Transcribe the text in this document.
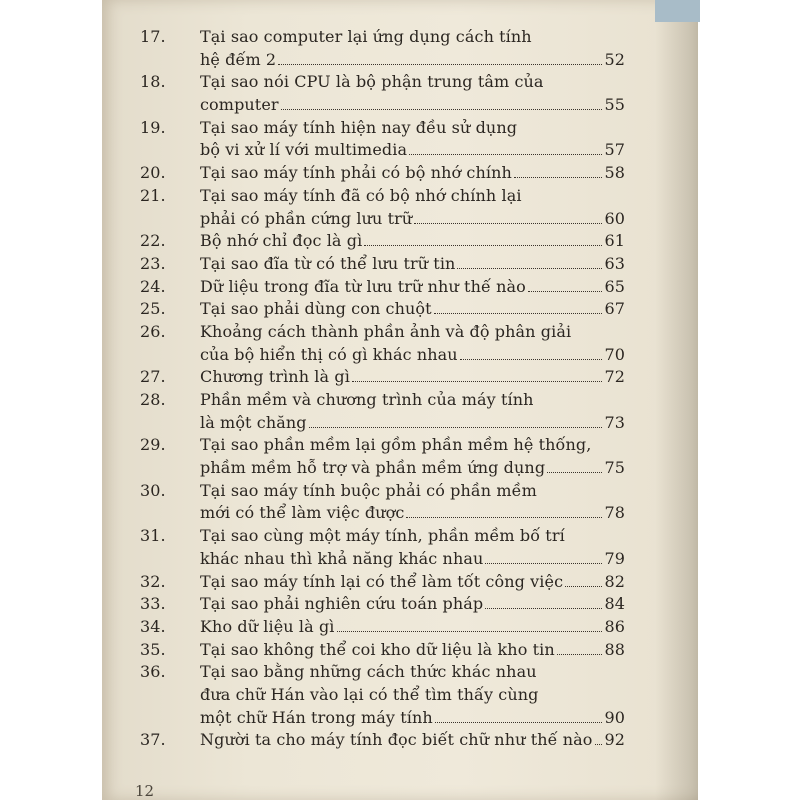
17.	Tại sao computer lại ứng dụng cách tính
hệ đếm 2	52
18.	Tại sao nói CPU là bộ phận trung tâm của
computer	55
19.	Tại sao máy tính hiện nay đều sử dụng
bộ vi xử lí với multimedia	57
20.	Tại sao máy tính phải có bộ nhớ chính	58
21.	Tại sao máy tính đã có bộ nhớ chính lại
phải có phần cứng lưu trữ	60
22.	Bộ nhớ chỉ đọc là gì	61
23.	Tại sao đĩa từ có thể lưu trữ tin	63
24.	Dữ liệu trong đĩa từ lưu trữ như thế nào	65
25.	Tại sao phải dùng con chuột	67
26.	Khoảng cách thành phần ảnh và độ phân giải
của bộ hiển thị có gì khác nhau	70
27.	Chương trình là gì	72
28.	Phần mềm và chương trình của máy tính
là một chăng	73
29.	Tại sao phần mềm lại gồm phần mềm hệ thống,
phầm mềm hỗ trợ và phần mềm ứng dụng	75
30.	Tại sao máy tính buộc phải có phần mềm
mới có thể làm việc được	78
31.	Tại sao cùng một máy tính, phần mềm bố trí
khác nhau thì khả năng khác nhau	79
32.	Tại sao máy tính lại có thể làm tốt công việc	82
33.	Tại sao phải nghiên cứu toán pháp	84
34.	Kho dữ liệu là gì	86
35.	Tại sao không thể coi kho dữ liệu là kho tin	88
36.	Tại sao bằng những cách thức khác nhau
đưa chữ Hán vào lại có thể tìm thấy cùng
một chữ Hán trong máy tính	90
37.	Người ta cho máy tính đọc biết chữ như thế nào 92
12
